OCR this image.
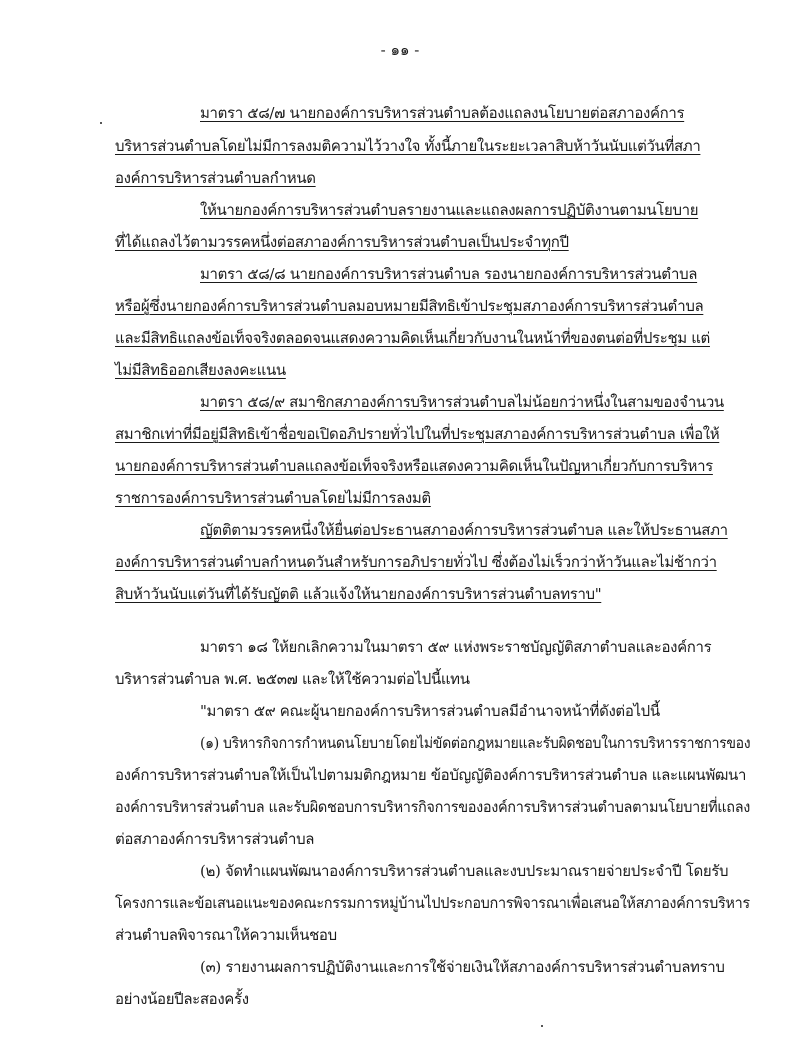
- ๑๑ -
มาตรา ๕๘/๗ นายกองค์การบริหารส่วนตำบลต้องแถลงนโยบายต่อสภาองค์การ
บริหารส่วนตำบลโดยไม่มีการลงมติความไว้วางใจ ทั้งนี้ภายในระยะเวลาสิบห้าวันนับแต่วันที่สภา
องค์การบริหารส่วนตำบลกำหนด
ให้นายกองค์การบริหารส่วนตำบลรายงานและแถลงผลการปฏิบัติงานตามนโยบาย
ที่ได้แถลงไว้ตามวรรคหนึ่งต่อสภาองค์การบริหารส่วนตำบลเป็นประจำทุกปี
มาตรา ๕๘/๘ นายกองค์การบริหารส่วนตำบล รองนายกองค์การบริหารส่วนตำบล
หรือผู้ซึ่งนายกองค์การบริหารส่วนตำบลมอบหมายมีสิทธิเข้าประชุมสภาองค์การบริหารส่วนตำบล
และมีสิทธิแถลงข้อเท็จจริงตลอดจนแสดงความคิดเห็นเกี่ยวกับงานในหน้าที่ของตนต่อที่ประชุม แต่
ไม่มีสิทธิออกเสียงลงคะแนน
มาตรา ๕๘/๙ สมาชิกสภาองค์การบริหารส่วนตำบลไม่น้อยกว่าหนึ่งในสามของจำนวน
สมาชิกเท่าที่มีอยู่มีสิทธิเข้าชื่อขอเปิดอภิปรายทั่วไปในที่ประชุมสภาองค์การบริหารส่วนตำบล เพื่อให้
นายกองค์การบริหารส่วนตำบลแถลงข้อเท็จจริงหรือแสดงความคิดเห็นในปัญหาเกี่ยวกับการบริหาร
ราชการองค์การบริหารส่วนตำบลโดยไม่มีการลงมติ
ญัตติตามวรรคหนึ่งให้ยื่นต่อประธานสภาองค์การบริหารส่วนตำบล และให้ประธานสภา
องค์การบริหารส่วนตำบลกำหนดวันสำหรับการอภิปรายทั่วไป ซึ่งต้องไม่เร็วกว่าห้าวันและไม่ช้ากว่า
สิบห้าวันนับแต่วันที่ได้รับญัตติ แล้วแจ้งให้นายกองค์การบริหารส่วนตำบลทราบ"
มาตรา ๑๘ ให้ยกเลิกความในมาตรา ๕๙ แห่งพระราชบัญญัติสภาตำบลและองค์การ
บริหารส่วนตำบล พ.ศ. ๒๕๓๗ และให้ใช้ความต่อไปนี้แทน
"มาตรา ๕๙ คณะผู้นายกองค์การบริหารส่วนตำบลมีอำนาจหน้าที่ดังต่อไปนี้
(๑) บริหารกิจการกำหนดนโยบายโดยไม่ขัดต่อกฎหมายและรับผิดชอบในการบริหารราชการของ
องค์การบริหารส่วนตำบลให้เป็นไปตามมติกฎหมาย ข้อบัญญัติองค์การบริหารส่วนตำบล และแผนพัฒนา
องค์การบริหารส่วนตำบล และรับผิดชอบการบริหารกิจการขององค์การบริหารส่วนตำบลตามนโยบายที่แถลง
ต่อสภาองค์การบริหารส่วนตำบล
(๒) จัดทำแผนพัฒนาองค์การบริหารส่วนตำบลและงบประมาณรายจ่ายประจำปี โดยรับ
โครงการและข้อเสนอแนะของคณะกรรมการหมู่บ้านไปประกอบการพิจารณาเพื่อเสนอให้สภาองค์การบริหาร
ส่วนตำบลพิจารณาให้ความเห็นชอบ
(๓) รายงานผลการปฏิบัติงานและการใช้จ่ายเงินให้สภาองค์การบริหารส่วนตำบลทราบ
อย่างน้อยปีละสองครั้ง
